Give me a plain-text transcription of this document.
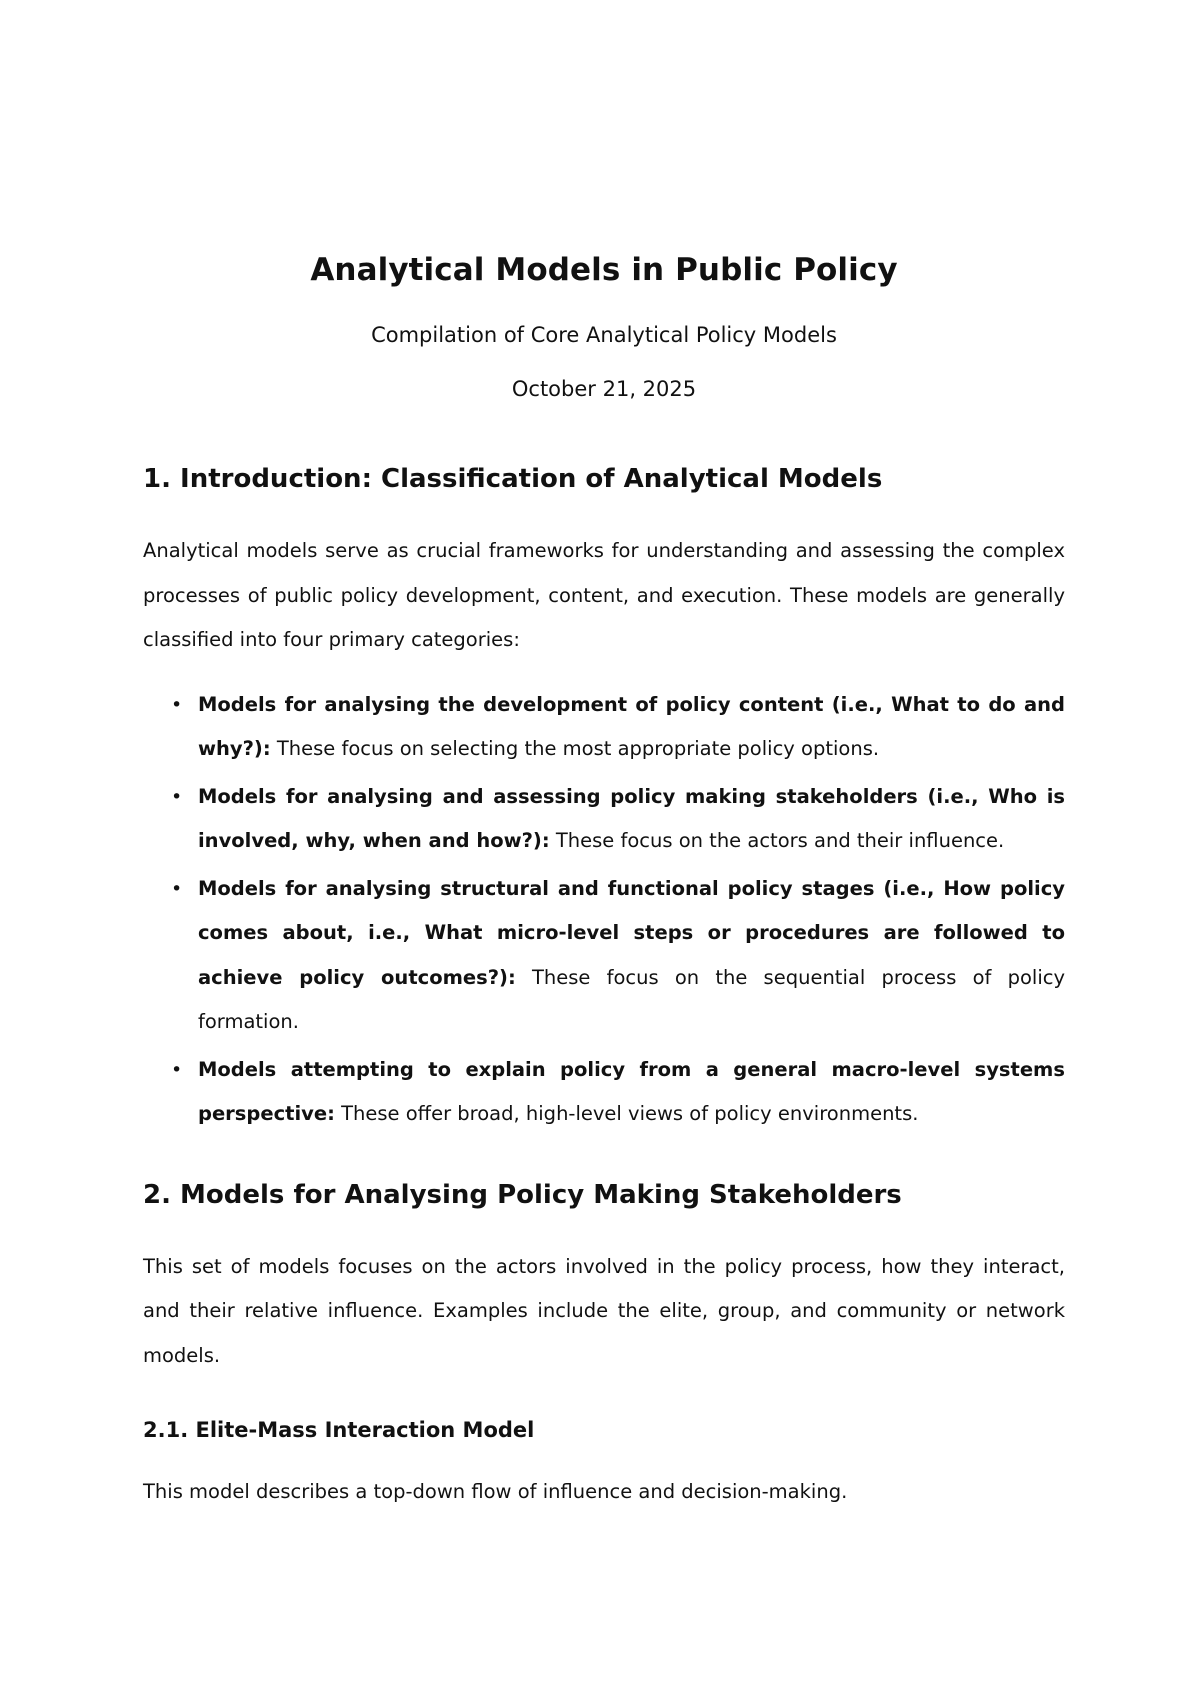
Analytical Models in Public Policy
Compilation of Core Analytical Policy Models
October 21, 2025
1. Introduction: Classification of Analytical Models

Analytical models serve as crucial frameworks for understanding and assessing the complex processes of public policy development, content, and execution. These models are generally classified into four primary categories:

• Models for analysing the development of policy content (i.e., What to do and why?): These focus on selecting the most appropriate policy options.
• Models for analysing and assessing policy making stakeholders (i.e., Who is involved, why, when and how?): These focus on the actors and their influence.
• Models for analysing structural and functional policy stages (i.e., How policy comes about, i.e., What micro-level steps or procedures are followed to achieve policy outcomes?): These focus on the sequential process of policy formation.
• Models attempting to explain policy from a general macro-level systems perspective: These offer broad, high-level views of policy environments.
2. Models for Analysing Policy Making Stakeholders

This set of models focuses on the actors involved in the policy process, how they interact, and their relative influence. Examples include the elite, group, and community or network models.

2.1. Elite-Mass Interaction Model

This model describes a top-down flow of influence and decision-making.
